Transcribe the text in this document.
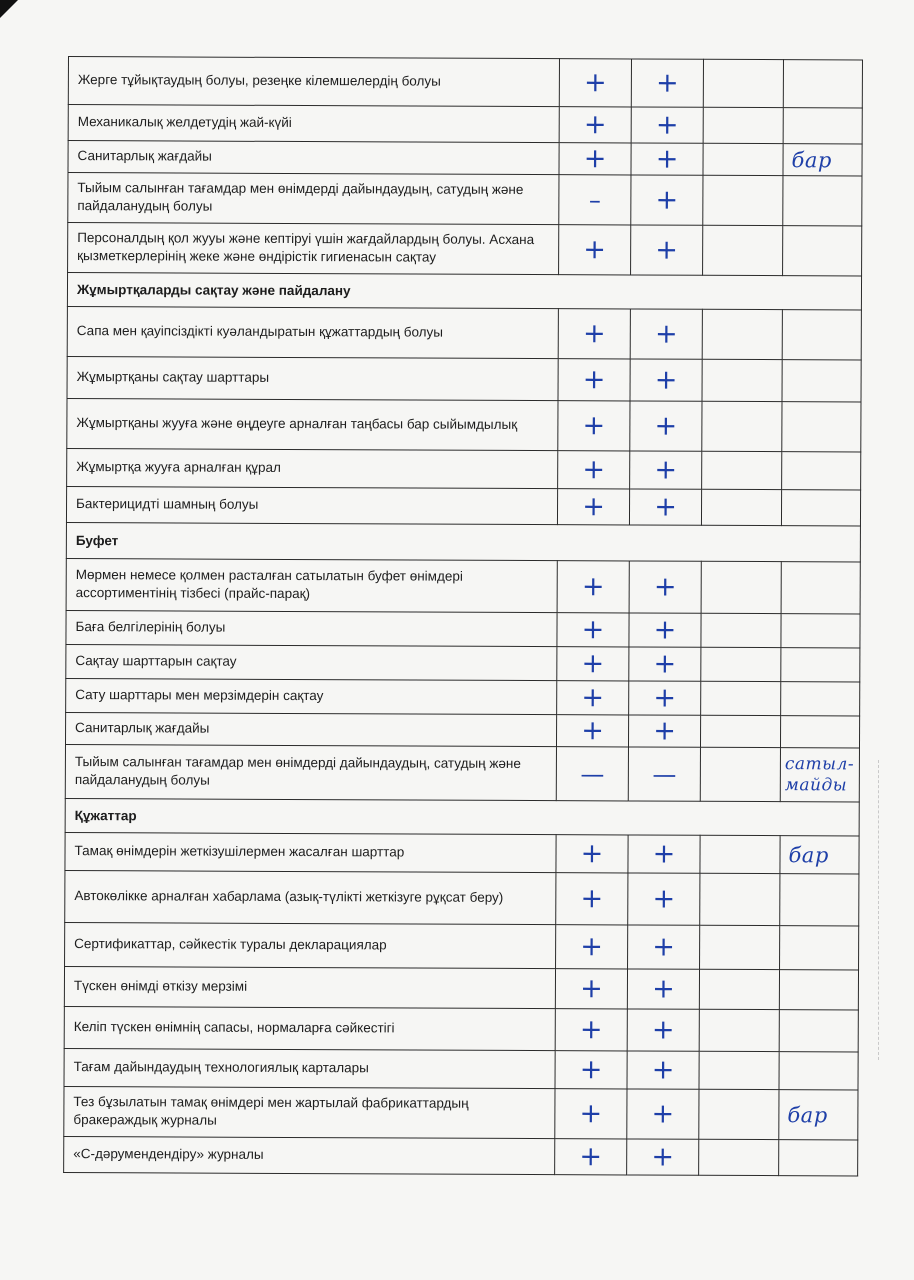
Жерге тұйықтаудың болуы, резеңке кілемшелердің болуы	+	+		
Механикалық желдетудің жай-күйі	+	+		
Санитарлық жағдайы	+	+		бар
Тыйым салынған тағамдар мен өнімдерді дайындаудың, сатудың және пайдаланудың болуы	–	+		
Персоналдың қол жууы және кептіруі үшін жағдайлардың болуы. Асхана қызметкерлерінің жеке және өндірістік гигиенасын сақтау	+	+		
Жұмыртқаларды сақтау және пайдалану				
Сапа мен қауіпсіздікті куәландыратын құжаттардың болуы	+	+		
Жұмыртқаны сақтау шарттары	+	+		
Жұмыртқаны жууға және өңдеуге арналған таңбасы бар сыйымдылық	+	+		
Жұмыртқа жууға арналған құрал	+	+		
Бактерицидті шамның болуы	+	+		
Буфет				
Мөрмен немесе қолмен расталған сатылатын буфет өнімдері ассортиментінің тізбесі (прайс-парақ)	+	+		
Баға белгілерінің болуы	+	+		
Сақтау шарттарын сақтау	+	+		
Сату шарттары мен мерзімдерін сақтау	+	+		
Санитарлық жағдайы	+	+		
Тыйым салынған тағамдар мен өнімдерді дайындаудың, сатудың және пайдаланудың болуы	—	—		сатыл-майды
Құжаттар				
Тамақ өнімдерін жеткізушілермен жасалған шарттар	+	+		бар
Автокөлікке арналған хабарлама (азық-түлікті жеткізуге рұқсат беру)	+	+		
Сертификаттар, сәйкестік туралы декларациялар	+	+		
Түскен өнімді өткізу мерзімі	+	+		
Келіп түскен өнімнің сапасы, нормаларға сәйкестігі	+	+		
Тағам дайындаудың технологиялық карталары	+	+		
Тез бұзылатын тамақ өнімдері мен жартылай фабрикаттардың бракераждық журналы	+	+		бар
«С-дәрумендендіру» журналы	+	+		
